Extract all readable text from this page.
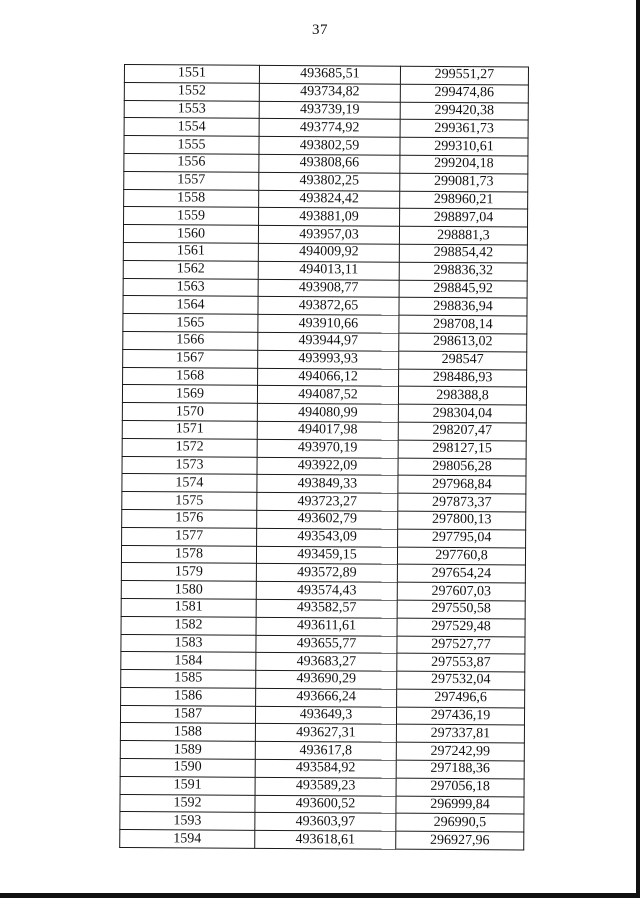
37
1551	493685,51	299551,27
1552	493734,82	299474,86
1553	493739,19	299420,38
1554	493774,92	299361,73
1555	493802,59	299310,61
1556	493808,66	299204,18
1557	493802,25	299081,73
1558	493824,42	298960,21
1559	493881,09	298897,04
1560	493957,03	298881,3
1561	494009,92	298854,42
1562	494013,11	298836,32
1563	493908,77	298845,92
1564	493872,65	298836,94
1565	493910,66	298708,14
1566	493944,97	298613,02
1567	493993,93	298547
1568	494066,12	298486,93
1569	494087,52	298388,8
1570	494080,99	298304,04
1571	494017,98	298207,47
1572	493970,19	298127,15
1573	493922,09	298056,28
1574	493849,33	297968,84
1575	493723,27	297873,37
1576	493602,79	297800,13
1577	493543,09	297795,04
1578	493459,15	297760,8
1579	493572,89	297654,24
1580	493574,43	297607,03
1581	493582,57	297550,58
1582	493611,61	297529,48
1583	493655,77	297527,77
1584	493683,27	297553,87
1585	493690,29	297532,04
1586	493666,24	297496,6
1587	493649,3	297436,19
1588	493627,31	297337,81
1589	493617,8	297242,99
1590	493584,92	297188,36
1591	493589,23	297056,18
1592	493600,52	296999,84
1593	493603,97	296990,5
1594	493618,61	296927,96
